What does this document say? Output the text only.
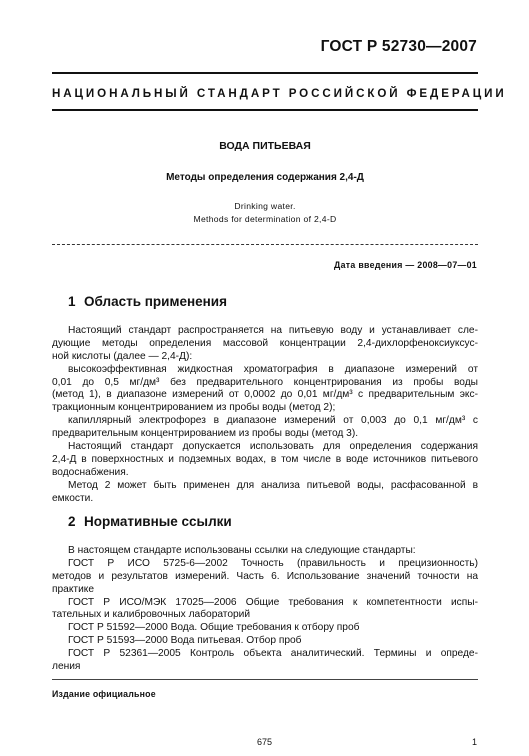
ГОСТ Р 52730—2007
НАЦИОНАЛЬНЫЙ СТАНДАРТ РОССИЙСКОЙ ФЕДЕРАЦИИ
ВОДА ПИТЬЕВАЯ
Методы определения содержания 2,4-Д
Drinking water.
Methods for determination of 2,4-D
Дата введения — 2008—07—01
1 Область применения
Настоящий стандарт распространяется на питьевую воду и устанавливает сле-
дующие методы определения массовой концентрации 2,4-дихлорфеноксиуксус-
ной кислоты (далее — 2,4-Д):
высокоэффективная жидкостная хроматография в диапазоне измерений от
0,01 до 0,5 мг/дм³ без предварительного концентрирования из пробы воды
(метод 1), в диапазоне измерений от 0,0002 до 0,01 мг/дм³ с предварительным экс-
тракционным концентрированием из пробы воды (метод 2);
капиллярный электрофорез в диапазоне измерений от 0,003 до 0,1 мг/дм³ с
предварительным концентрированием из пробы воды (метод 3).
Настоящий стандарт допускается использовать для определения содержания
2,4-Д в поверхностных и подземных водах, в том числе в воде источников питьевого
водоснабжения.
Метод 2 может быть применен для анализа питьевой воды, расфасованной в
емкости.
2 Нормативные ссылки
В настоящем стандарте использованы ссылки на следующие стандарты:
ГОСТ Р ИСО 5725-6—2002 Точность (правильность и прецизионность)
методов и результатов измерений. Часть 6. Использование значений точности на
практике
ГОСТ Р ИСО/МЭК 17025—2006 Общие требования к компетентности испы-
тательных и калибровочных лабораторий
ГОСТ Р 51592—2000 Вода. Общие требования к отбору проб
ГОСТ Р 51593—2000 Вода питьевая. Отбор проб
ГОСТ Р 52361—2005 Контроль объекта аналитический. Термины и опреде-
ления
Издание официальное
675	1
